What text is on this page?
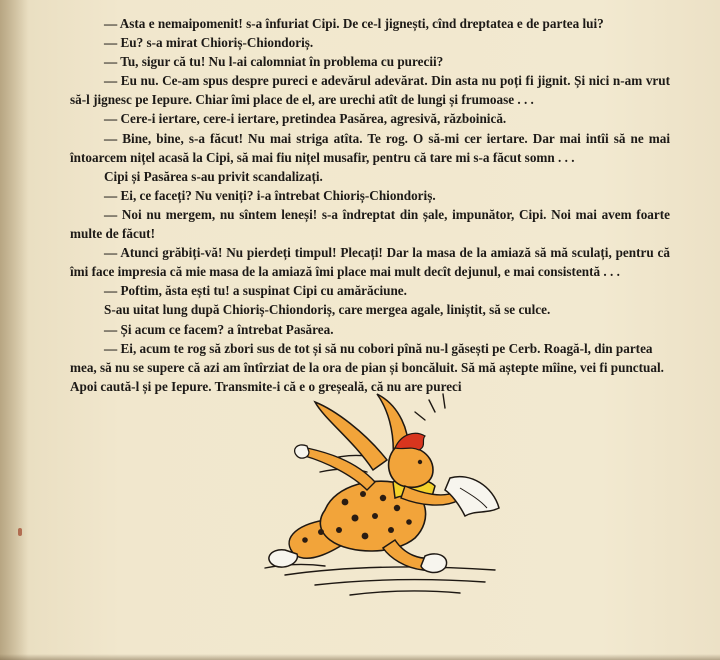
— Asta e nemaipomenit! s-a înfuriat Cipi. De ce-l jignești, cînd dreptatea e de partea lui?

— Eu? s-a mirat Chioriș-Chiondoriș.

— Tu, sigur că tu! Nu l-ai calomniat în problema cu purecii?

— Eu nu. Ce-am spus despre pureci e adevărul adevărat. Din asta nu poți fi jignit. Și nici n-am vrut să-l jignesc pe Iepure. Chiar îmi place de el, are urechi atît de lungi și frumoase . . .

— Cere-i iertare, cere-i iertare, pretindea Pasărea, agresivă, războinică.

— Bine, bine, s-a făcut! Nu mai striga atîta. Te rog. O să-mi cer iertare. Dar mai intîi să ne mai întoarcem nițel acasă la Cipi, să mai fiu nițel musafir, pentru că tare mi s-a făcut somn . . .

Cipi și Pasărea s-au privit scandalizați.

— Ei, ce faceți? Nu veniți? i-a întrebat Chioriș-Chiondoriș.

— Noi nu mergem, nu sîntem leneși! s-a îndreptat din șale, impunător, Cipi. Noi mai avem foarte multe de făcut!

— Atunci grăbiți-vă! Nu pierdeți timpul! Plecați! Dar la masa de la amiază să mă sculați, pentru că îmi face impresia că mie masa de la amiază îmi place mai mult decît dejunul, e mai consistentă . . .

— Poftim, ăsta ești tu! a suspinat Cipi cu amărăciune.

S-au uitat lung după Chioriș-Chiondoriș, care mergea agale, liniștit, să se culce.

— Și acum ce facem? a întrebat Pasărea.

— Ei, acum te rog să zbori sus de tot și să nu cobori pînă nu-l găsești pe Cerb. Roagă-l, din partea mea, să nu se supere că azi am întîrziat de la ora de pian și boncăluit. Să mă aștepte mîine, vei fi punctual. Apoi caută-l și pe Iepure. Transmite-i că e o greșeală, că nu are pureci
